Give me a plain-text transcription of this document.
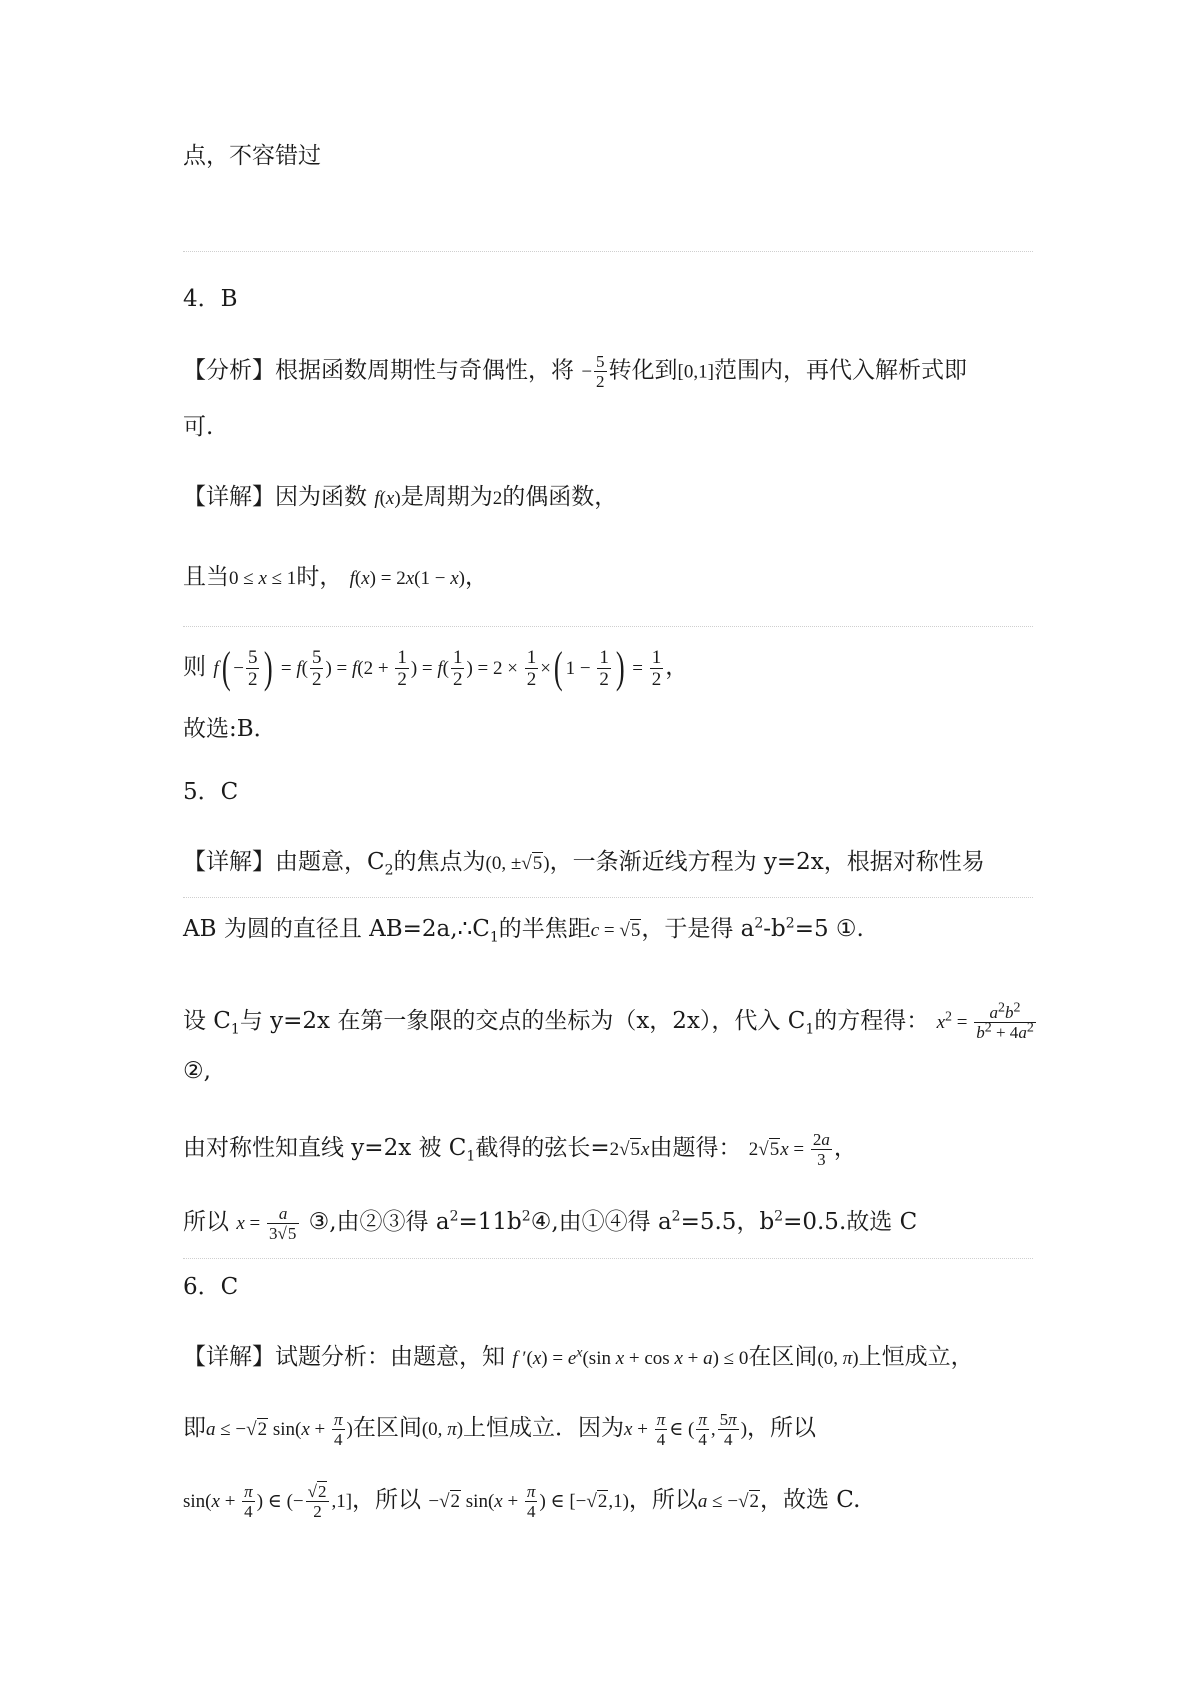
点，不容错过
4．B
【分析】根据函数周期性与奇偶性，将 − $\frac{5}{2}$ 转化到[0,1]范围内，再代入解析式即
可.
【详解】因为函数 f(x)是周期为2的偶函数，
且当0 ≤ x ≤ 1时， f(x) = 2x(1 − x)，
则 $f( - \frac{5}{2}$ ) = $f( \frac{5}{2}$ ) = $f(2 + \frac{1}{2}$ ) = $f( \frac{1}{2}$ ) = $2 \times \frac{1}{2}$ ×( $1 - \frac{1}{2}$ ) = $\frac{1}{2}$ ，
故选:B．
5．C
【详解】由题意，$C_2$的焦点为(0, ±√5)，一条渐近线方程为 y=2x，根据对称性易
AB 为圆的直径且 $AB=2a,\therefore C_1$的半焦距c = √5，于是得 $a^2-b^2=5$ ①.
设 $C_1$与 y=2x 在第一象限的交点的坐标为（x，2x），代入 $C_1$的方程得： $x^2 = \frac{a^2b^2}{b^2 + 4a^2}$
②,
由对称性知直线 y=2x 被 $C_1$截得的弦长=2√5x由题得： $2√5x = \frac{2a}{3}$ ，
所以 $x = \frac{a}{3√5}$ ③,由②③得 $a^2=11b^2④$,由①④得 $a^2=5.5$，$b^2=0.5$.故选 C
6．C
【详解】试题分析：由题意，知 f $'(x) = e^x(\sin$ x + cos x + a) ≤ 0在区间(0, π)上恒成立，
即a ≤ −√2 $\sin(x + \frac{\pi}{4}$ )在区间(0, π)上恒成立．因为$x + \frac{\pi}{4}$ ∈ ( $\frac{\pi}{4}$ , $\frac{5\pi}{4}$ )，所以
$\sin(x + \frac{\pi}{4}$ ) ∈ (− $\frac{√2}{2} ,1$]，所以 −√2 $\sin(x + \frac{\pi}{4}$ ) ∈ [−√2,1)，所以a ≤ −√2，故选 C.
